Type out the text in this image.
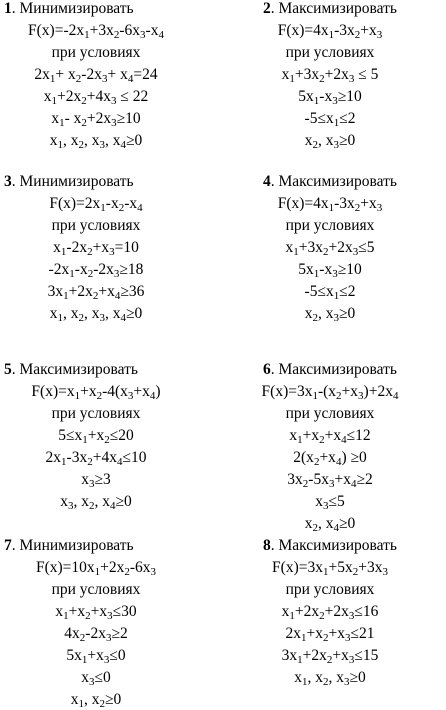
1. Минимизировать
$F(x)=-2x_1+3x_2-6x_3-x_4$
при условиях
$2x_1+ x_2-2x_3+ x_4=24$
$x_1+2x_2+4x_3 \le 22$
$x_1-$ $x_2+2x_3\ge 10$
$x_1$, $x_2$, $x_3$, $x_4\ge 0$
2. Максимизировать
$F(x)=4x_1-3x_2+x_3$
при условиях
$x_1+3x_2+2x_3 \le 5$
$5x_1-x_3\ge 10$
$-5\le x_1\le 2$
$x_2$, $x_3\ge 0$
3. Минимизировать
$F(x)=2x_1-x_2-x_4$
при условиях
$x_1-2x_2+x_3=10$
$-2x_1-x_2-2x_3\ge 18$
$3x_1+2x_2+x_4\ge 36$
$x_1$, $x_2$, $x_3$, $x_4\ge 0$
4. Максимизировать
$F(x)=4x_1-3x_2+x_3$
при условиях
$x_1+3x_2+2x_3\le 5$
$5x_1-x_3\ge 10$
$-5\le x_1\le 2$
$x_2$, $x_3\ge 0$
5. Максимизировать
$F(x)=x_1+x_2-4(x_3+x_4)$
при условиях
$5\le x_1+x_2\le 20$
$2x_1-3x_2+4x_4\le 10$
$x_3\ge 3$
$x_3$, $x_2$, $x_4\ge 0$
6. Максимизировать
$F(x)=3x_1-(x_2+x_3)+2x_4$
при условиях
$x_1+x_2+x_4\le 12$
$2(x_2+x_4) \ge 0$
$3x_2-5x_3+x_4\ge 2$
$x_3\le 5$
$x_2$, $x_4\ge 0$
7. Минимизировать
$F(x)=10x_1+2x_2-6x_3$
при условиях
$x_1+x_2+x_3\le 30$
$4x_2-2x_3\ge 2$
$5x_1+x_3\le 0$
$x_3\le 0$
$x_1$, $x_2\ge 0$
8. Максимизировать
$F(x)=3x_1+5x_2+3x_3$
при условиях
$x_1+2x_2+2x_3\le 16$
$2x_1+x_2+x_3\le 21$
$3x_1+2x_2+x_3\le 15$
$x_1$, $x_2$, $x_3\ge 0$
